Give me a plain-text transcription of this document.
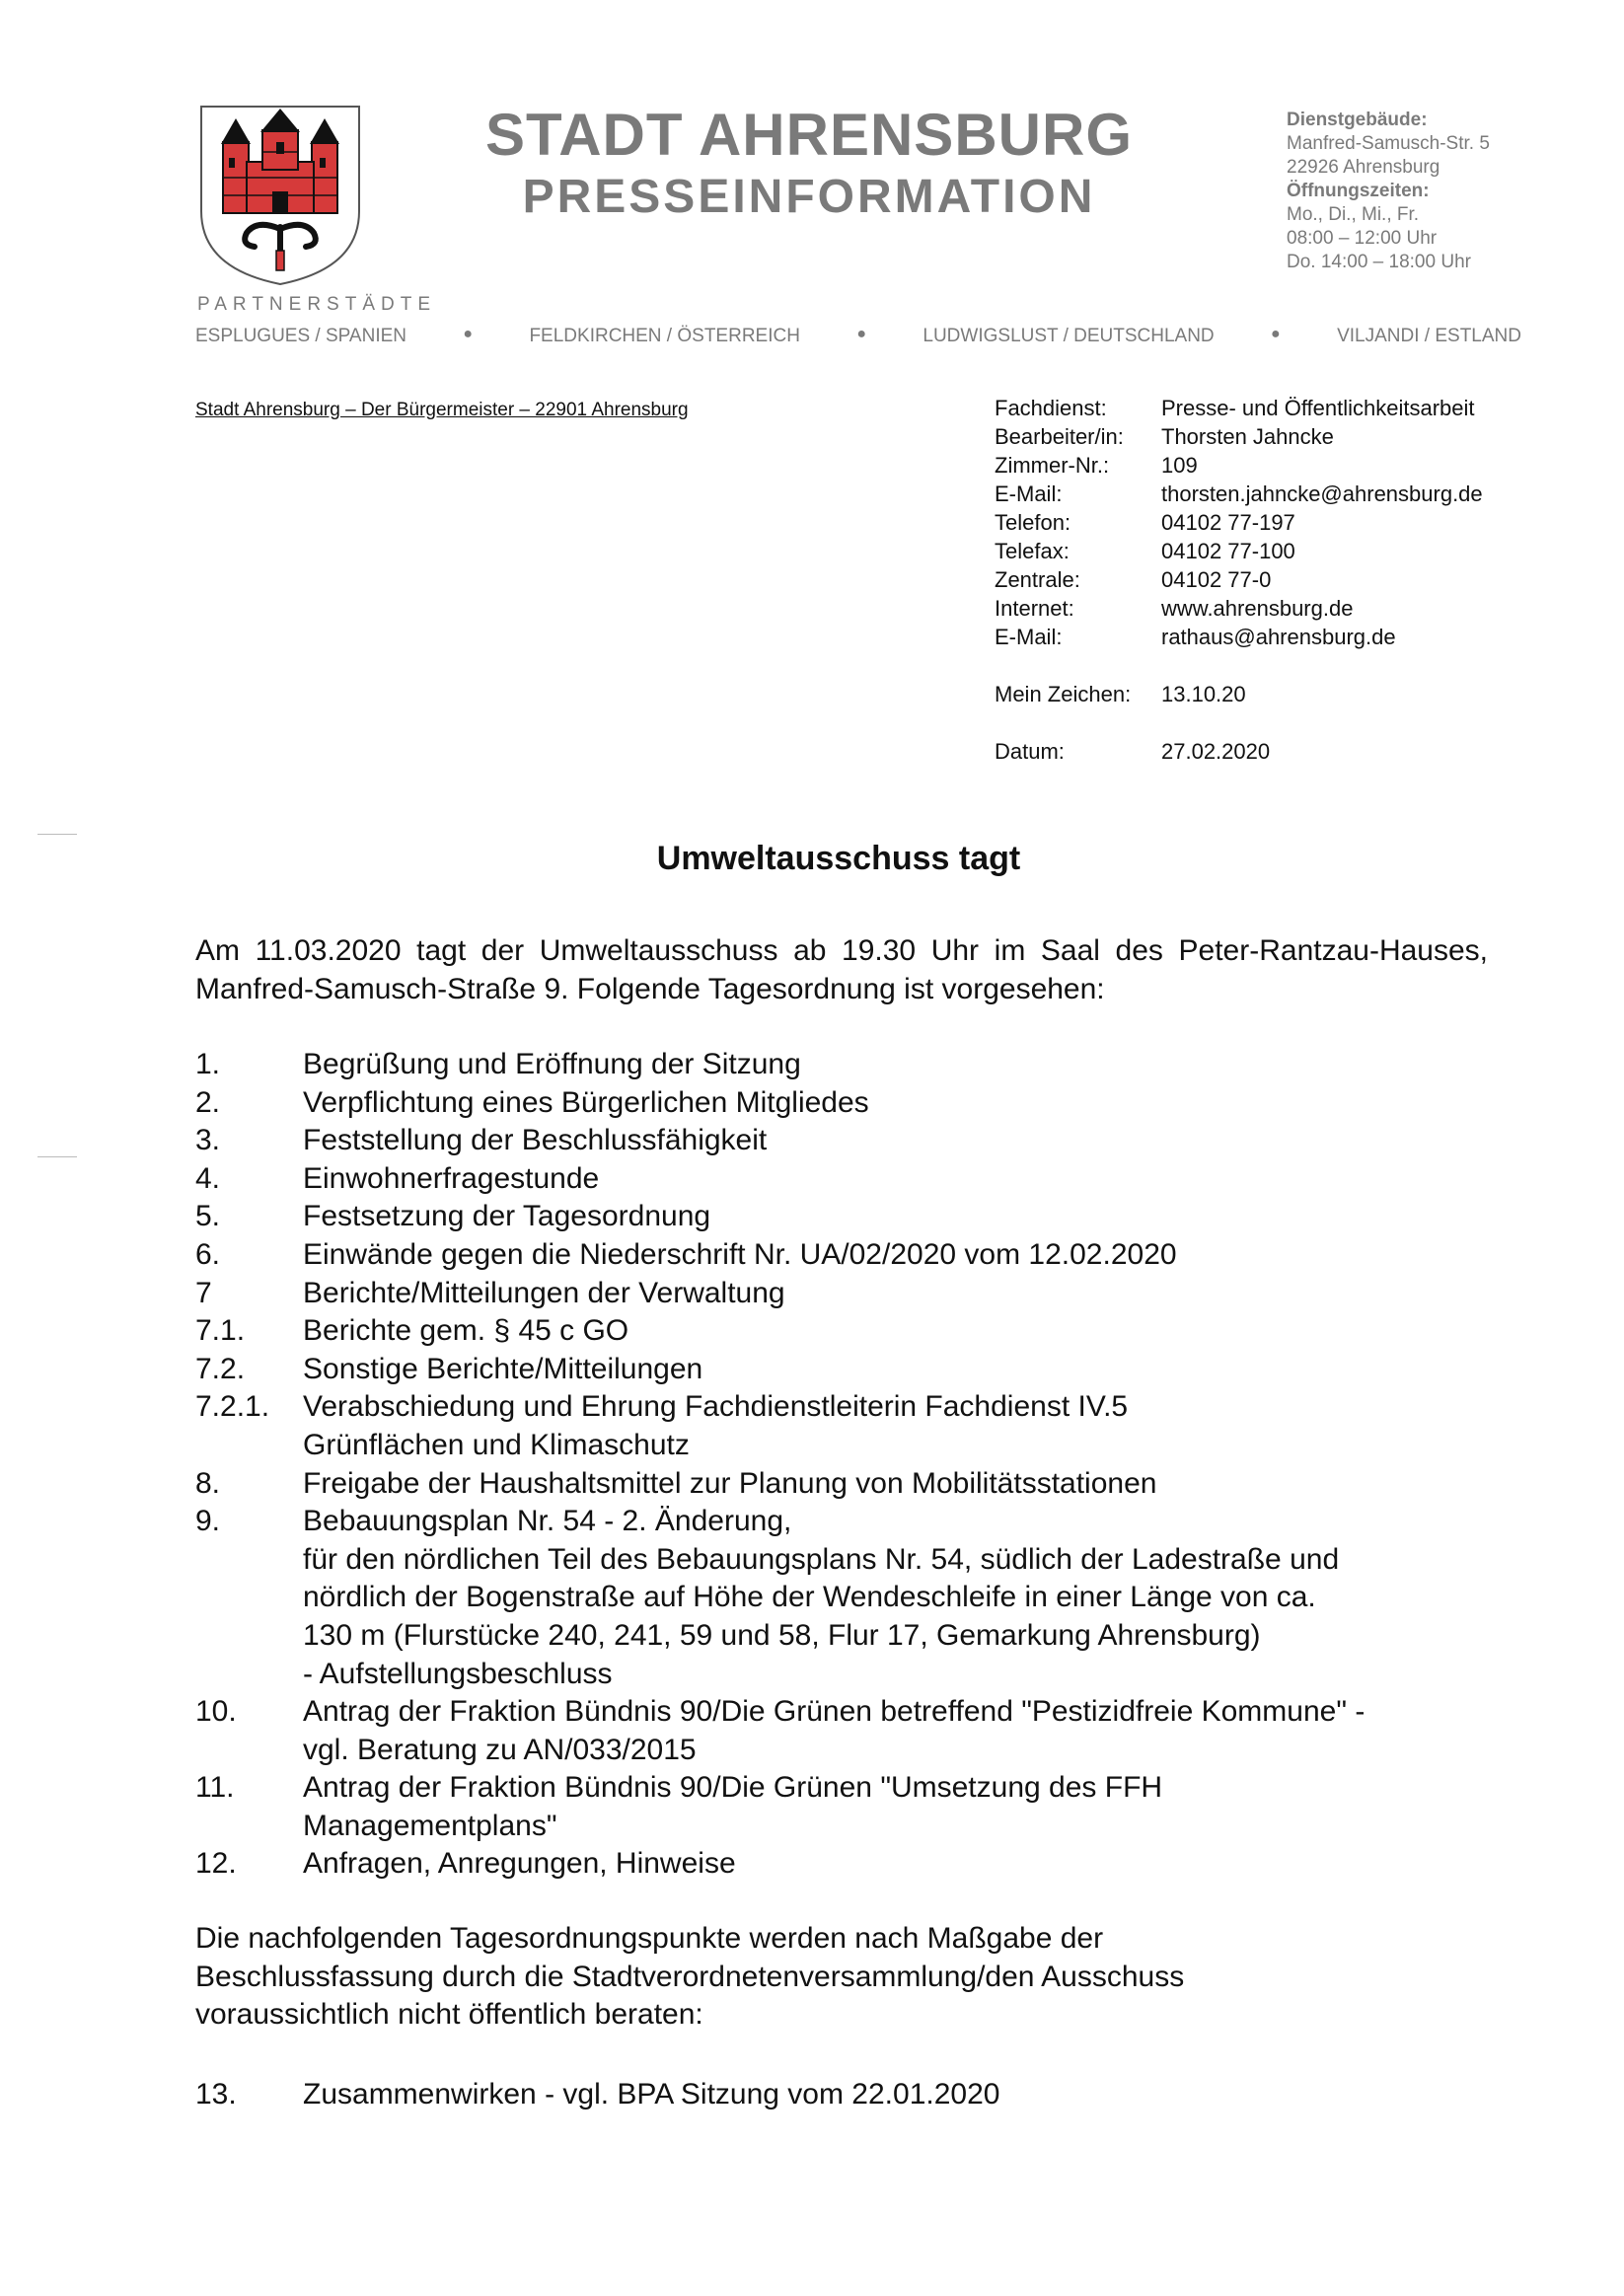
STADT AHRENSBURG
PRESSEINFORMATION
Dienstgebäude:
Manfred-Samusch-Str. 5
22926 Ahrensburg
Öffnungszeiten:
Mo., Di., Mi., Fr.
08:00 – 12:00 Uhr
Do. 14:00 – 18:00 Uhr
PARTNERSTÄDTE
ESPLUGUES / SPANIEN	●	FELDKIRCHEN / ÖSTERREICH	●	LUDWIGSLUST / DEUTSCHLAND	●	VILJANDI / ESTLAND
Stadt Ahrensburg – Der Bürgermeister – 22901 Ahrensburg	Fachdienst:	Presse- und Öffentlichkeitsarbeit
Bearbeiter/in:	Thorsten Jahncke
Zimmer-Nr.:	109
E-Mail:	thorsten.jahncke@ahrensburg.de
Telefon:	04102 77-197
Telefax:	04102 77-100
Zentrale:	04102 77-0
Internet:	www.ahrensburg.de
E-Mail:	rathaus@ahrensburg.de
Mein Zeichen:	13.10.20
Datum:	27.02.2020
Umweltausschuss tagt
Am 11.03.2020 tagt der Umweltausschuss ab 19.30 Uhr im Saal des Peter-Rantzau-Hauses, Manfred-Samusch-Straße 9. Folgende Tagesordnung ist vorgesehen:
1.	Begrüßung und Eröffnung der Sitzung
2.	Verpflichtung eines Bürgerlichen Mitgliedes
3.	Feststellung der Beschlussfähigkeit
4.	Einwohnerfragestunde
5.	Festsetzung der Tagesordnung
6.	Einwände gegen die Niederschrift Nr. UA/02/2020 vom 12.02.2020
7	Berichte/Mitteilungen der Verwaltung
7.1.	Berichte gem. § 45 c GO
7.2.	Sonstige Berichte/Mitteilungen
7.2.1.	Verabschiedung und Ehrung Fachdienstleiterin Fachdienst IV.5
Grünflächen und Klimaschutz
8.	Freigabe der Haushaltsmittel zur Planung von Mobilitätsstationen
9.	Bebauungsplan Nr. 54 - 2. Änderung,
für den nördlichen Teil des Bebauungsplans Nr. 54, südlich der Ladestraße und
nördlich der Bogenstraße auf Höhe der Wendeschleife in einer Länge von ca.
130 m (Flurstücke 240, 241, 59 und 58, Flur 17, Gemarkung Ahrensburg)
- Aufstellungsbeschluss
10.	Antrag der Fraktion Bündnis 90/Die Grünen betreffend "Pestizidfreie Kommune" -
vgl. Beratung zu AN/033/2015
11.	Antrag der Fraktion Bündnis 90/Die Grünen "Umsetzung des FFH
Managementplans"
12.	Anfragen, Anregungen, Hinweise
Die nachfolgenden Tagesordnungspunkte werden nach Maßgabe der
Beschlussfassung durch die Stadtverordnetenversammlung/den Ausschuss
voraussichtlich nicht öffentlich beraten:
13.	Zusammenwirken - vgl. BPA Sitzung vom 22.01.2020
